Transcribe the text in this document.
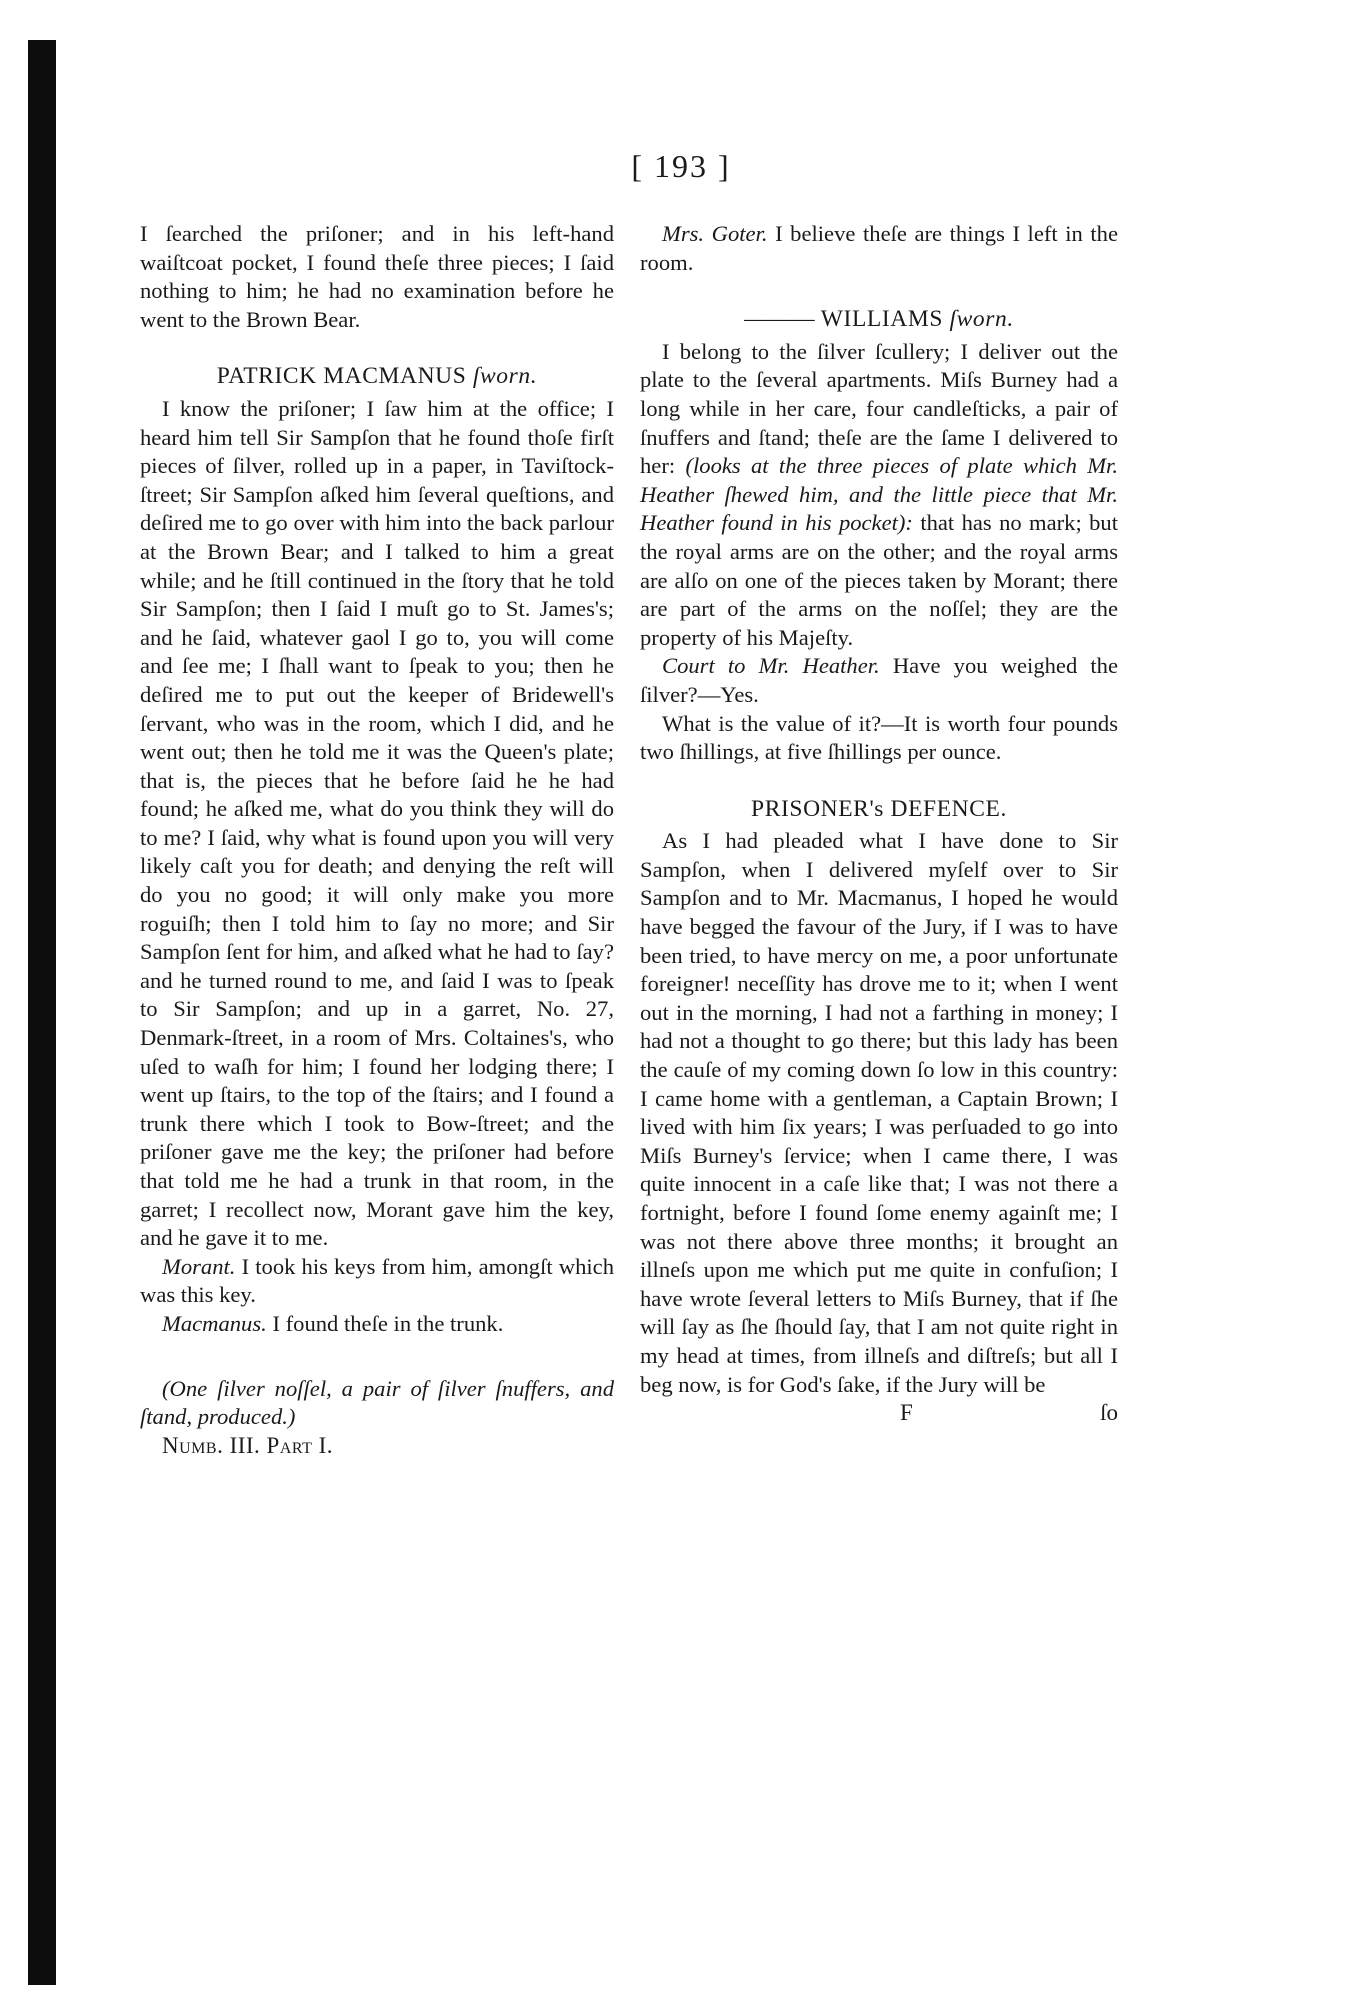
[ 193 ]

I ſearched the priſoner; and in his left-hand waiſtcoat pocket, I found theſe three pieces; I ſaid nothing to him; he had no examination before he went to the Brown Bear.

PATRICK MACMANUS ſworn.

I know the priſoner; I ſaw him at the office; I heard him tell Sir Sampſon that he found thoſe firſt pieces of ſilver, rolled up in a paper, in Taviſtock-ſtreet; Sir Sampſon aſked him ſeveral queſtions, and deſired me to go over with him into the back parlour at the Brown Bear; and I talked to him a great while; and he ſtill continued in the ſtory that he told Sir Sampſon; then I ſaid I muſt go to St. James's; and he ſaid, whatever gaol I go to, you will come and ſee me; I ſhall want to ſpeak to you; then he deſired me to put out the keeper of Bridewell's ſervant, who was in the room, which I did, and he went out; then he told me it was the Queen's plate; that is, the pieces that he before ſaid he he had found; he aſked me, what do you think they will do to me? I ſaid, why what is found upon you will very likely caſt you for death; and denying the reſt will do you no good; it will only make you more roguiſh; then I told him to ſay no more; and Sir Sampſon ſent for him, and aſked what he had to ſay? and he turned round to me, and ſaid I was to ſpeak to Sir Sampſon; and up in a garret, No. 27, Denmark-ſtreet, in a room of Mrs. Coltaines's, who uſed to waſh for him; I found her lodging there; I went up ſtairs, to the top of the ſtairs; and I found a trunk there which I took to Bow-ſtreet; and the priſoner gave me the key; the priſoner had before that told me he had a trunk in that room, in the garret; I recollect now, Morant gave him the key, and he gave it to me.

Morant. I took his keys from him, amongſt which was this key.

Macmanus. I found theſe in the trunk.

(One ſilver noſſel, a pair of ſilver ſnuffers, and ſtand, produced.)

Numb. III. Part I.

Mrs. Goter. I believe theſe are things I left in the room.

——— WILLIAMS ſworn.

I belong to the ſilver ſcullery; I deliver out the plate to the ſeveral apartments. Miſs Burney had a long while in her care, four candleſticks, a pair of ſnuffers and ſtand; theſe are the ſame I delivered to her: (looks at the three pieces of plate which Mr. Heather ſhewed him, and the little piece that Mr. Heather found in his pocket): that has no mark; but the royal arms are on the other; and the royal arms are alſo on one of the pieces taken by Morant; there are part of the arms on the noſſel; they are the property of his Majeſty.

Court to Mr. Heather. Have you weighed the ſilver?—Yes.

What is the value of it?—It is worth four pounds two ſhillings, at five ſhillings per ounce.

PRISONER's DEFENCE.

As I had pleaded what I have done to Sir Sampſon, when I delivered myſelf over to Sir Sampſon and to Mr. Macmanus, I hoped he would have begged the favour of the Jury, if I was to have been tried, to have mercy on me, a poor unfortunate foreigner! neceſſity has drove me to it; when I went out in the morning, I had not a farthing in money; I had not a thought to go there; but this lady has been the cauſe of my coming down ſo low in this country: I came home with a gentleman, a Captain Brown; I lived with him ſix years; I was perſuaded to go into Miſs Burney's ſervice; when I came there, I was quite innocent in a caſe like that; I was not there a fortnight, before I found ſome enemy againſt me; I was not there above three months; it brought an illneſs upon me which put me quite in confuſion; I have wrote ſeveral letters to Miſs Burney, that if ſhe will ſay as ſhe ſhould ſay, that I am not quite right in my head at times, from illneſs and diſtreſs; but all I beg now, is for God's ſake, if the Jury will be

F	ſo
